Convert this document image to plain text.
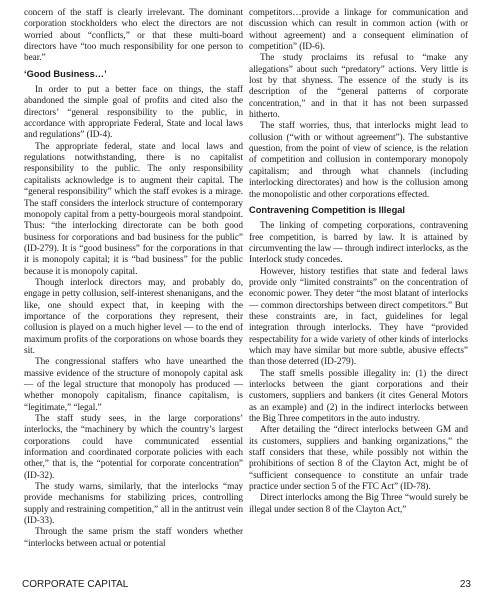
concern of the staff is clearly irrelevant. The dominant corporation stockholders who elect the directors are not worried about “conflicts,” or that these multi-board directors have “too much responsibility for one person to bear.”

‘Good Business…’

In order to put a better face on things, the staff abandoned the simple goal of profits and cited also the directors’ “general responsibility to the public, in accordance with appropriate Federal, State and local laws and regulations” (ID-4).

The appropriate federal, state and local laws and regulations notwithstanding, there is no capitalist responsibility to the public. The only responsibility capitalists acknowledge is to augment their capital. The “general responsibility” which the staff evokes is a mirage. The staff considers the interlock structure of contemporary monopoly capital from a petty-bourgeois moral standpoint. Thus: “the interlocking directorate can be both good business for corporations and bad business for the public” (ID-279). It is “good business” for the corporations in that it is monopoly capital; it is “bad business” for the public because it is monopoly capital.

Though interlock directors may, and probably do, engage in petty collusion, self-interest shenanigans, and the like, one should expect that, in keeping with the importance of the corporations they represent, their collusion is played on a much higher level — to the end of maximum profits of the corporations on whose boards they sit.

The congressional staffers who have unearthed the massive evidence of the structure of monopoly capital ask — of the legal structure that monopoly has produced — whether monopoly capitalism, finance capitalism, is “legitimate,” “legal.”

The staff study sees, in the large corporations’ interlocks, the “machinery by which the country’s largest corporations could have communicated essential information and coordinated corporate policies with each other,” that is, the “potential for corporate concentration” (ID-32).

The study warns, similarly, that the interlocks “may provide mechanisms for stabilizing prices, controlling supply and restraining competition,” all in the antitrust vein (ID-33).

Through the same prism the staff wonders whether “interlocks between actual or potential

competitors…provide a linkage for communication and discussion which can result in common action (with or without agreement) and a consequent elimination of competition” (ID-6).

The study proclaims its refusal to “make any allegations” about such “predatory” actions. Very little is lost by that shyness. The essence of the study is its description of the “general patterns of corporate concentration,” and in that it has not been surpassed hitherto.

The staff worries, thus, that interlocks might lead to collusion (“with or without agreement”). The substantive question, from the point of view of science, is the relation of competition and collusion in contemporary monopoly capitalism; and through what channels (including interlocking directorates) and how is the collusion among the monopolistic and other corporations effected.

Contravening Competition is Illegal

The linking of competing corporations, contravening free competition, is barred by law. It is attained by circumventing the law — through indirect interlocks, as the Interlock study concedes.

However, history testifies that state and federal laws provide only “limited constraints” on the concentration of economic power. They deter “the most blatant of interlocks — common directorships between direct competitors.” But these constraints are, in fact, guidelines for legal integration through interlocks. They have “provided respectability for a wide variety of other kinds of interlocks which may have similar but more subtle, abusive effects” than those deterred (ID-279).

The staff smells possible illegality in: (1) the direct interlocks between the giant corporations and their customers, suppliers and bankers (it cites General Motors as an example) and (2) in the indirect interlocks between the Big Three competitors in the auto industry.

After detailing the “direct interlocks between GM and its customers, suppliers and banking organizations,” the staff considers that these, while possibly not within the prohibitions of section 8 of the Clayton Act, might be of “sufficient consequence to constitute an unfair trade practice under section 5 of the FTC Act” (ID-78).

Direct interlocks among the Big Three “would surely be illegal under section 8 of the Clayton Act,”

CORPORATE CAPITAL	23
